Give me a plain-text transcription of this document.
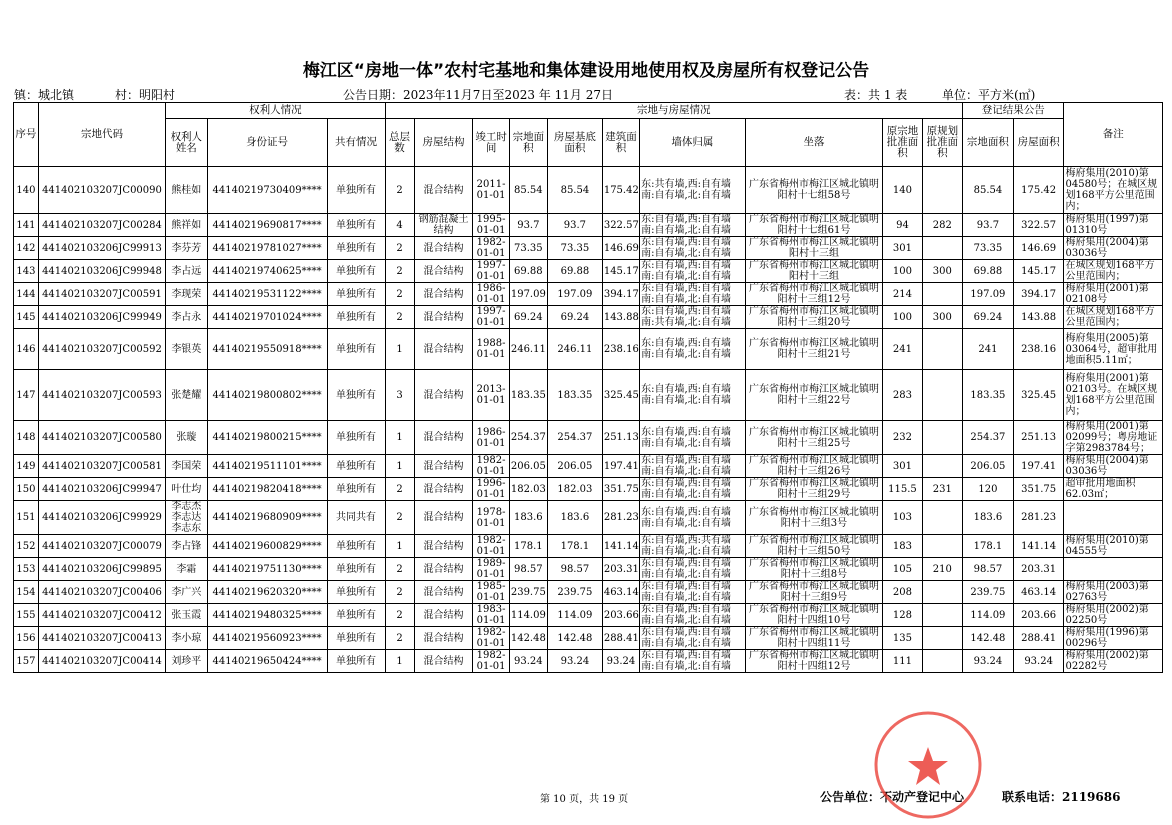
梅江区“房地一体”农村宅基地和集体建设用地使用权及房屋所有权登记公告
镇：城北镇	村：明阳村	公告日期：2023年11月7日至2023 年 11月 27日	表：共 1 表	单位：平方米(㎡)
序号	宗地代码	权利人情况			宗地与房屋情况										登记结果公告		备注
		权利人姓名	身份证号	共有情况	总层数	房屋结构	竣工时间	宗地面积	房屋基底面积	建筑面积	墙体归属	坐落	原宗地批准面积	原规划批准面积	宗地面积	房屋面积	
140	441402103207JC00090	熊桂如	44140219730409****	单独所有	2	混合结构	2011-01-01	85.54	85.54	175.42	东:共有墙,西:自有墙南:自有墙,北:自有墙	广东省梅州市梅江区城北镇明阳村十七组58号	140		85.54	175.42	梅府集用(2010)第04580号；在城区规划168平方公里范围内；
141	441402103207JC00284	熊祥如	44140219690817****	单独所有	4	钢筋混凝土结构	1995-01-01	93.7	93.7	322.57	东:自有墙,西:自有墙南:自有墙,北:自有墙	广东省梅州市梅江区城北镇明阳村十七组61号	94	282	93.7	322.57	梅府集用(1997)第01310号
142	441402103206JC99913	李芬芳	44140219781027****	单独所有	2	混合结构	1982-01-01	73.35	73.35	146.69	东:自有墙,西:自有墙南:自有墙,北:自有墙	广东省梅州市梅江区城北镇明阳村十三组	301		73.35	146.69	梅府集用(2004)第03036号
143	441402103206JC99948	李占远	44140219740625****	单独所有	2	混合结构	1997-01-01	69.88	69.88	145.17	东:自有墙,西:自有墙南:自有墙,北:自有墙	广东省梅州市梅江区城北镇明阳村十三组	100	300	69.88	145.17	在城区规划168平方公里范围内；
144	441402103207JC00591	李现荣	44140219531122****	单独所有	2	混合结构	1986-01-01	197.09	197.09	394.17	东:自有墙,西:自有墙南:自有墙,北:自有墙	广东省梅州市梅江区城北镇明阳村十三组12号	214		197.09	394.17	梅府集用(2001)第02108号
145	441402103206JC99949	李占永	44140219701024****	单独所有	2	混合结构	1997-01-01	69.24	69.24	143.88	东:自有墙,西:自有墙南:共有墙,北:自有墙	广东省梅州市梅江区城北镇明阳村十三组20号	100	300	69.24	143.88	在城区规划168平方公里范围内；
146	441402103207JC00592	李银英	44140219550918****	单独所有	1	混合结构	1988-01-01	246.11	246.11	238.16	东:自有墙,西:自有墙南:自有墙,北:自有墙	广东省梅州市梅江区城北镇明阳村十三组21号	241		241	238.16	梅府集用(2005)第03064号，超审批用地面积5.11㎡；
147	441402103207JC00593	张楚耀	44140219800802****	单独所有	3	混合结构	2013-01-01	183.35	183.35	325.45	东:自有墙,西:自有墙南:自有墙,北:自有墙	广东省梅州市梅江区城北镇明阳村十三组22号	283		183.35	325.45	梅府集用(2001)第02103号。在城区规划168平方公里范围内；
148	441402103207JC00580	张璇	44140219800215****	单独所有	1	混合结构	1986-01-01	254.37	254.37	251.13	东:自有墙,西:自有墙南:自有墙,北:自有墙	广东省梅州市梅江区城北镇明阳村十三组25号	232		254.37	251.13	梅府集用(2001)第02099号；粤房地证字第2983784号；
149	441402103207JC00581	李国荣	44140219511101****	单独所有	1	混合结构	1982-01-01	206.05	206.05	197.41	东:自有墙,西:自有墙南:自有墙,北:自有墙	广东省梅州市梅江区城北镇明阳村十三组26号	301		206.05	197.41	梅府集用(2004)第03036号
150	441402103206JC99947	叶仕均	44140219820418****	单独所有	2	混合结构	1996-01-01	182.03	182.03	351.75	东:自有墙,西:自有墙南:自有墙,北:自有墙	广东省梅州市梅江区城北镇明阳村十三组29号	115.5	231	120	351.75	超审批用地面积62.03㎡；
151	441402103206JC99929	李志杰
李志达
李志东	44140219680909****	共同共有	2	混合结构	1978-01-01	183.6	183.6	281.23	东:自有墙,西:自有墙南:自有墙,北:自有墙	广东省梅州市梅江区城北镇明阳村十三组3号	103		183.6	281.23	
152	441402103207JC00079	李占锋	44140219600829****	单独所有	1	混合结构	1982-01-01	178.1	178.1	141.14	东:自有墙,西:共有墙南:自有墙,北:自有墙	广东省梅州市梅江区城北镇明阳村十三组50号	183		178.1	141.14	梅府集用(2010)第04555号
153	441402103206JC99895	李霜	44140219751130****	单独所有	2	混合结构	1989-01-01	98.57	98.57	203.31	东:自有墙,西:自有墙南:自有墙,北:自有墙	广东省梅州市梅江区城北镇明阳村十三组8号	105	210	98.57	203.31	
154	441402103207JC00406	李广兴	44140219620320****	单独所有	2	混合结构	1985-01-01	239.75	239.75	463.14	东:自有墙,西:自有墙南:自有墙,北:自有墙	广东省梅州市梅江区城北镇明阳村十三组9号	208		239.75	463.14	梅府集用(2003)第02763号
155	441402103207JC00412	张玉霞	44140219480325****	单独所有	2	混合结构	1983-01-01	114.09	114.09	203.66	东:自有墙,西:自有墙南:自有墙,北:自有墙	广东省梅州市梅江区城北镇明阳村十四组10号	128		114.09	203.66	梅府集用(2002)第02250号
156	441402103207JC00413	李小琼	44140219560923****	单独所有	2	混合结构	1982-01-01	142.48	142.48	288.41	东:自有墙,西:自有墙南:自有墙,北:自有墙	广东省梅州市梅江区城北镇明阳村十四组11号	135		142.48	288.41	梅府集用(1996)第00296号
157	441402103207JC00414	刘珍平	44140219650424****	单独所有	1	混合结构	1982-01-01	93.24	93.24	93.24	东:自有墙,西:自有墙南:自有墙,北:自有墙	广东省梅州市梅江区城北镇明阳村十四组12号	111		93.24	93.24	梅府集用(2002)第02282号
第 10 页，共 19 页	公告单位：不动产登记中心	联系电话：2119686
